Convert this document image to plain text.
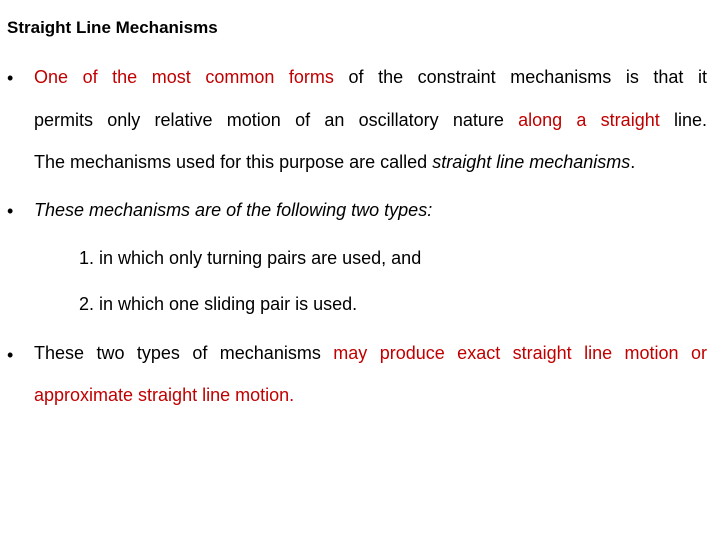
Straight Line Mechanisms
• One of the most common forms of the constraint mechanisms is that it
permits only relative motion of an oscillatory nature along a straight line.
The mechanisms used for this purpose are called straight line mechanisms.
• These mechanisms are of the following two types:
1. in which only turning pairs are used, and
2. in which one sliding pair is used.
• These two types of mechanisms may produce exact straight line motion or
approximate straight line motion.
